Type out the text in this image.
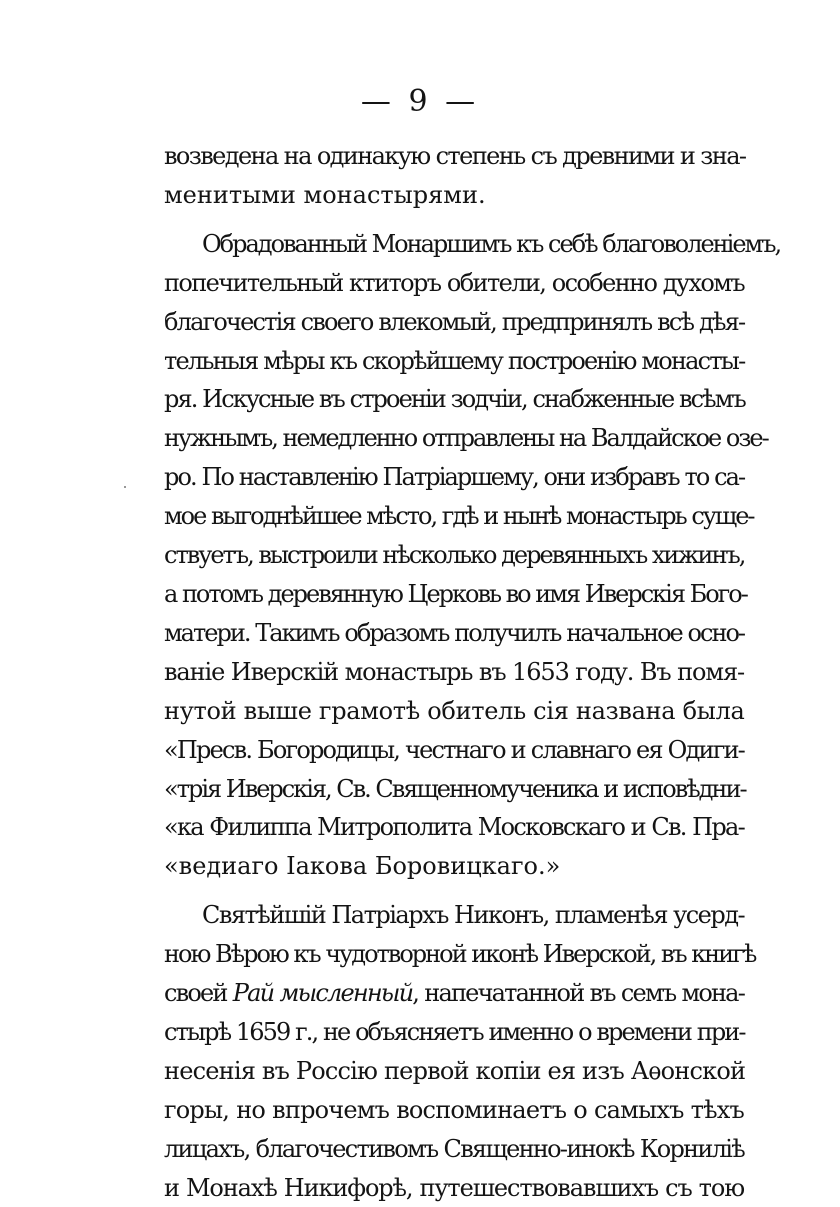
— 9 —
возведена на одинакую степень съ древними и зна-
менитыми монастырями.
Обрадованный Монаршимъ къ себѣ благоволеніемъ,
попечительный ктиторъ обители, особенно духомъ
благочестія своего влекомый, предпринялъ всѣ дѣя-
тельныя мѣры къ скорѣйшему построенію монасты-
ря. Искусные въ строеніи зодчіи, снабженные всѣмъ
нужнымъ, немедленно отправлены на Валдайское озе-
ро. По наставленію Патріаршему, они избравъ то са-
мое выгоднѣйшее мѣсто, гдѣ и нынѣ монастырь суще-
ствуетъ, выстроили нѣсколько деревянныхъ хижинъ,
а потомъ деревянную Церковь во имя Иверскія Бого-
матери. Такимъ образомъ получилъ начальное осно-
ваніе Иверскій монастырь въ 1653 году. Въ помя-
нутой выше грамотѣ обитель сія названа была
«Пресв. Богородицы, честнаго и славнаго ея Одиги-
«трія Иверскія, Св. Священномученика и исповѣдни-
«ка Филиппа Митрополита Московскаго и Св. Пра-
«ведиаго Іакова Боровицкаго.»
Святѣйшій Патріархъ Никонъ, пламенѣя усерд-
ною Вѣрою къ чудотворной иконѣ Иверской, въ книгѣ
своей Рай мысленный, напечатанной въ семъ мона-
стырѣ 1659 г., не объясняетъ именно о времени при-
несенія въ Россію первой копіи ея изъ Аѳонской
горы, но впрочемъ воспоминаетъ о самыхъ тѣхъ
лицахъ, благочестивомъ Священно-инокѣ Корнилiѣ
и Монахѣ Никифорѣ, путешествовавшихъ съ тою
